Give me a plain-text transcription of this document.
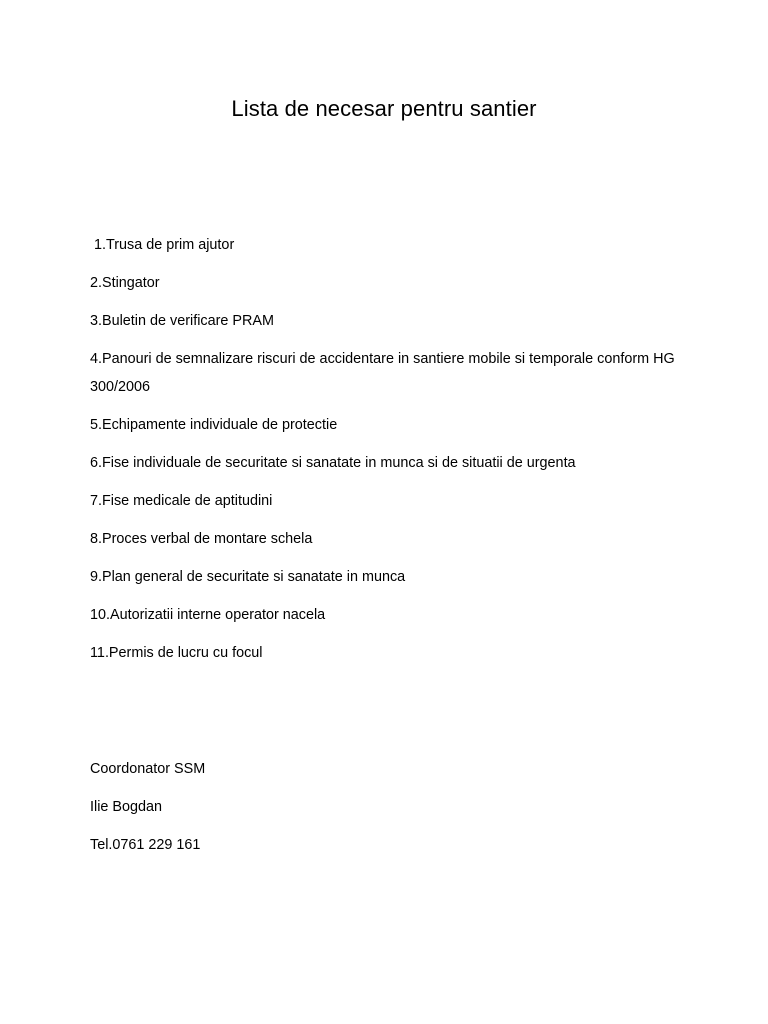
Lista de necesar pentru santier
1.Trusa de prim ajutor
2.Stingator
3.Buletin de verificare PRAM
4.Panouri de semnalizare riscuri de accidentare in santiere mobile si temporale conform HG 300/2006
5.Echipamente individuale de protectie
6.Fise individuale de securitate si sanatate in munca si de situatii de urgenta
7.Fise medicale de aptitudini
8.Proces verbal de montare schela
9.Plan general de securitate si sanatate in munca
10.Autorizatii interne operator nacela
11.Permis de lucru cu focul

Coordonator SSM

Ilie Bogdan

Tel.0761 229 161
